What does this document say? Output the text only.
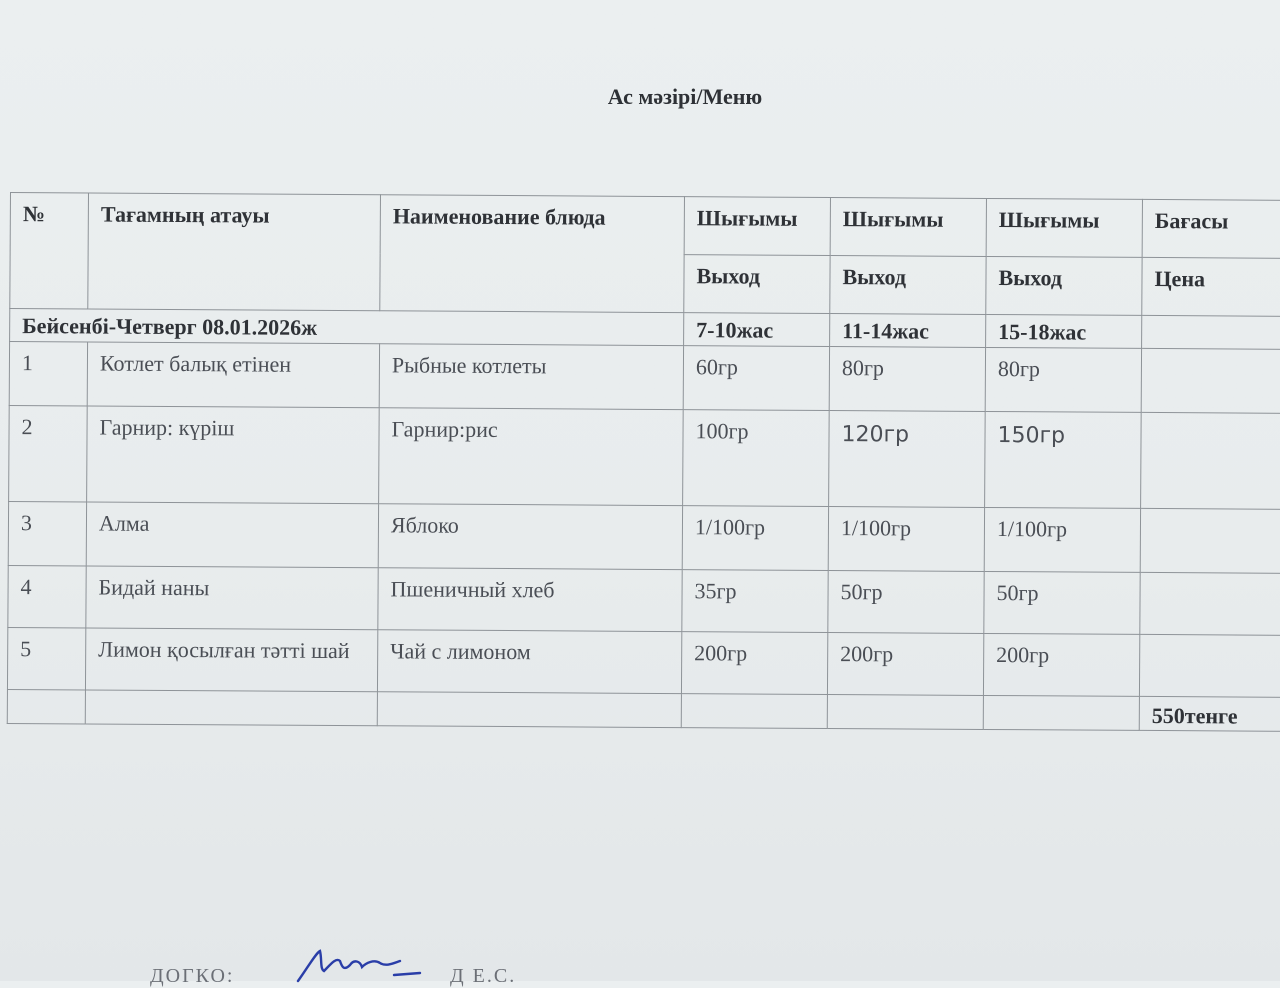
Ас мәзірі/Меню
№	Тағамның атауы	Наименование блюда	Шығымы	Шығымы	Шығымы	Бағасы
			Выход	Выход	Выход	Цена
Бейсенбі-Четверг 08.01.2026ж			7-10жас	11-14жас	15-18жас	
1	Котлет балық етінен	Рыбные котлеты	60гр	80гр	80гр	
2	Гарнир: күріш	Гарнир:рис	100гр	120гр	150гр	
3	Алма	Яблоко	1/100гр	1/100гр	1/100гр	
4	Бидай наны	Пшеничный хлеб	35гр	50гр	50гр	
5	Лимон қосылған тәтті шай	Чай с лимоном	200гр	200гр	200гр	
						550тенге
ДОГКО:	Д Е.С.
